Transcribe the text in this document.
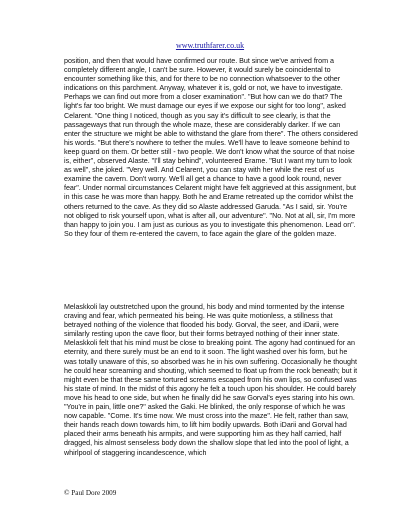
www.truthfarer.co.uk

position, and then that would have confirmed our route. But since we've arrived from a completely different angle, I can't be sure. However, it would surely be coincidental to encounter something like this, and for there to be no connection whatsoever to the other indications on this parchment. Anyway, whatever it is, gold or not, we have to investigate. Perhaps we can find out more from a closer examination". "But how can we do that? The light's far too bright. We must damage our eyes if we expose our sight for too long", asked Celarent. "One thing I noticed, though as you say it's difficult to see clearly, is that the passageways that run through the whole maze, these are considerably darker. If we can enter the structure we might be able to withstand the glare from there". The others considered his words. "But there's nowhere to tether the mules. We'll have to leave someone behind to keep guard on them. Or better still - two people. We don't know what the source of that noise is, either", observed Alaste. "I'll stay behind", volunteered Erame. "But I want my turn to look as well", she joked. "Very well. And Celarent, you can stay with her while the rest of us examine the cavern. Don't worry. We'll all get a chance to have a good look round, never fear". Under normal circumstances Celarent might have felt aggrieved at this assignment, but in this case he was more than happy. Both he and Erame retreated up the corridor whilst the others returned to the cave. As they did so Alaste addressed Garuda. "As I said, sir. You're not obliged to risk yourself upon, what is after all, our adventure". "No. Not at all, sir, I'm more than happy to join you. I am just as curious as you to investigate this phenomenon. Lead on". So they four of them re-entered the cavern, to face again the glare of the golden maze.

Melaskkoli lay outstretched upon the ground, his body and mind tormented by the intense craving and fear, which permeated his being. He was quite motionless, a stillness that betrayed nothing of the violence that flooded his body. Gorval, the seer, and iDarii, were similarly resting upon the cave floor, but their forms betrayed nothing of their inner state. Melaskkoli felt that his mind must be close to breaking point. The agony had continued for an eternity, and there surely must be an end to it soon. The light washed over his form, but he was totally unaware of this, so absorbed was he in his own suffering. Occasionally he thought he could hear screaming and shouting, which seemed to float up from the rock beneath; but it might even be that these same tortured screams escaped from his own lips, so confused was his state of mind. In the midst of this agony he felt a touch upon his shoulder. He could barely move his head to one side, but when he finally did he saw Gorval's eyes staring into his own. "You're in pain, little one?" asked the Gaki. He blinked, the only response of which he was now capable. "Come. It's time now. We must cross into the maze". He felt, rather than saw, their hands reach down towards him, to lift him bodily upwards. Both iDarii and Gorval had placed their arms beneath his armpits, and were supporting him as they half carried, half dragged, his almost senseless body down the shallow slope that led into the pool of light, a whirlpool of staggering incandescence, which

© Paul Dore 2009
